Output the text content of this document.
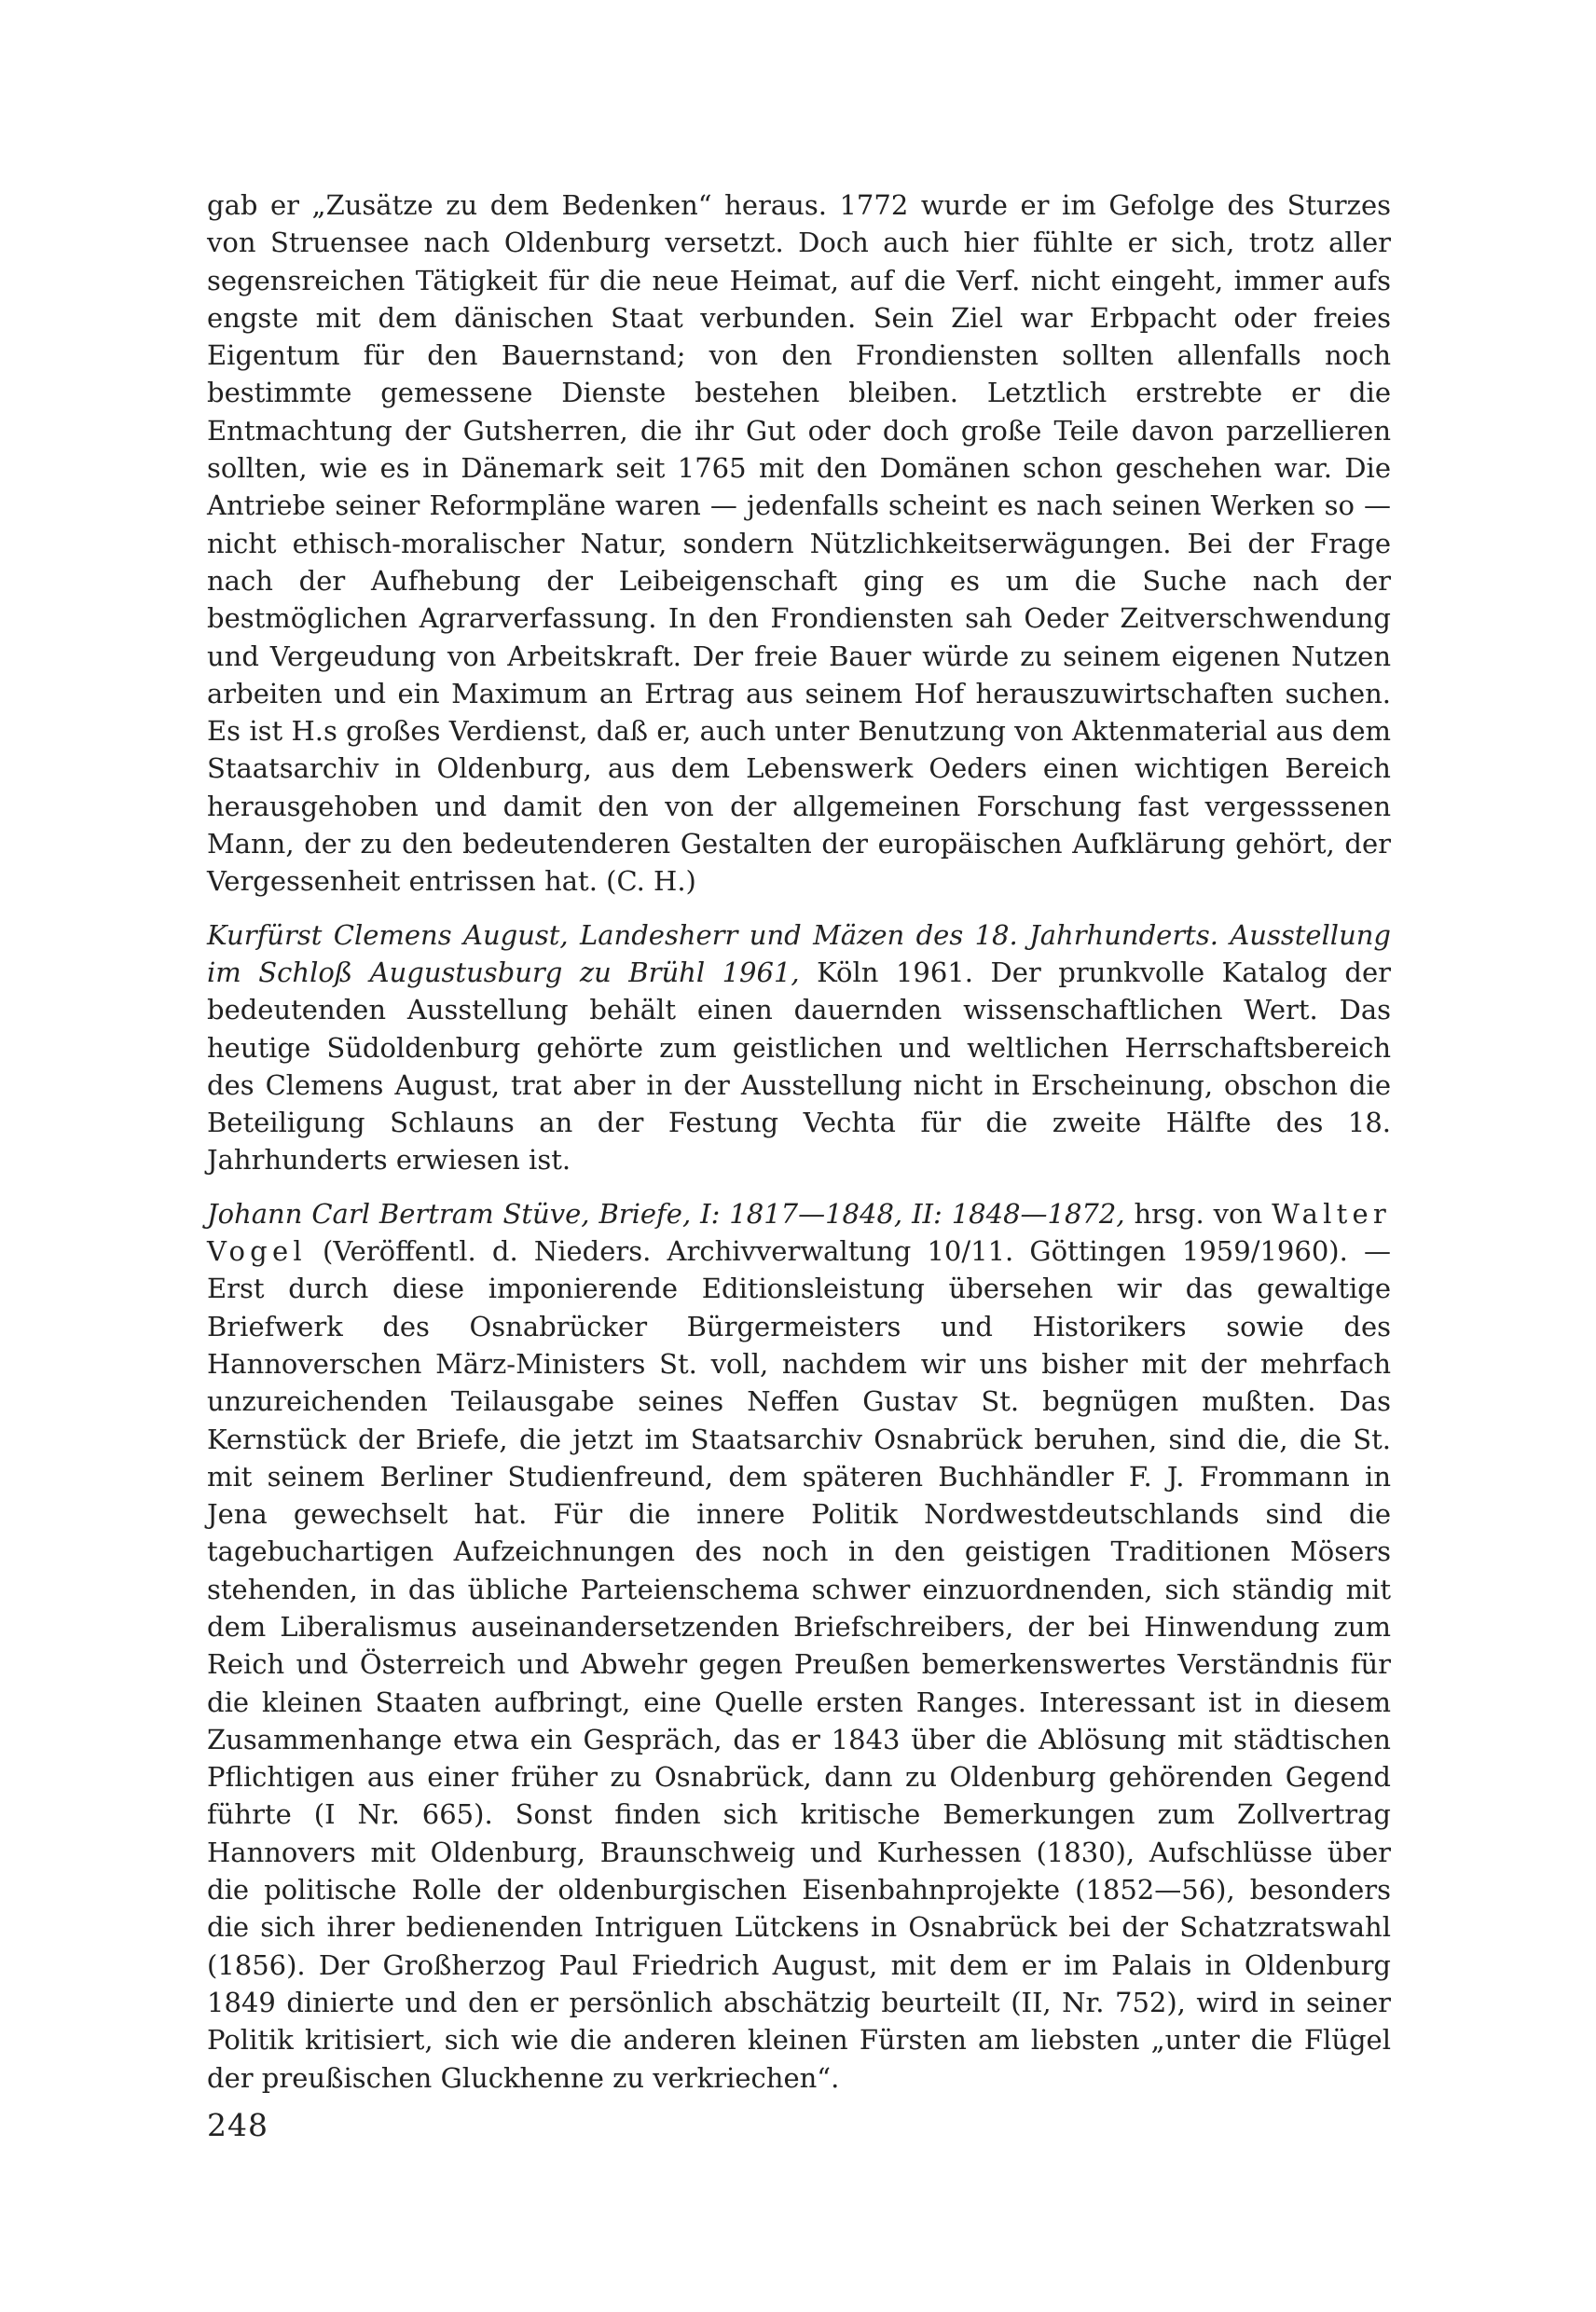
gab er „Zusätze zu dem Bedenken“ heraus. 1772 wurde er im Gefolge des Sturzes von Struensee nach Oldenburg versetzt. Doch auch hier fühlte er sich, trotz aller segensreichen Tätigkeit für die neue Heimat, auf die Verf. nicht eingeht, immer aufs engste mit dem dänischen Staat verbunden. Sein Ziel war Erbpacht oder freies Eigentum für den Bauernstand; von den Frondiensten sollten allenfalls noch bestimmte gemessene Dienste bestehen bleiben. Letztlich erstrebte er die Entmachtung der Gutsherren, die ihr Gut oder doch große Teile davon parzellieren sollten, wie es in Dänemark seit 1765 mit den Domänen schon geschehen war. Die Antriebe seiner Reformpläne waren — jedenfalls scheint es nach seinen Werken so — nicht ethisch-moralischer Natur, sondern Nützlichkeitserwägungen. Bei der Frage nach der Aufhebung der Leibeigenschaft ging es um die Suche nach der bestmöglichen Agrarverfassung. In den Frondiensten sah Oeder Zeitverschwendung und Vergeudung von Arbeitskraft. Der freie Bauer würde zu seinem eigenen Nutzen arbeiten und ein Maximum an Ertrag aus seinem Hof herauszuwirtschaften suchen. Es ist H.s großes Verdienst, daß er, auch unter Benutzung von Aktenmaterial aus dem Staatsarchiv in Oldenburg, aus dem Lebenswerk Oeders einen wichtigen Bereich herausgehoben und damit den von der allgemeinen Forschung fast vergesssenen Mann, der zu den bedeutenderen Gestalten der europäischen Aufklärung gehört, der Vergessenheit entrissen hat. (C. H.)

Kurfürst Clemens August, Landesherr und Mäzen des 18. Jahrhunderts. Ausstellung im Schloß Augustusburg zu Brühl 1961, Köln 1961. Der prunkvolle Katalog der bedeutenden Ausstellung behält einen dauernden wissenschaftlichen Wert. Das heutige Südoldenburg gehörte zum geistlichen und weltlichen Herrschaftsbereich des Clemens August, trat aber in der Ausstellung nicht in Erscheinung, obschon die Beteiligung Schlauns an der Festung Vechta für die zweite Hälfte des 18. Jahrhunderts erwiesen ist.

Johann Carl Bertram Stüve, Briefe, I: 1817—1848, II: 1848—1872, hrsg. von Walter Vogel (Veröffentl. d. Nieders. Archivverwaltung 10/11. Göttingen 1959/1960). — Erst durch diese imponierende Editionsleistung übersehen wir das gewaltige Briefwerk des Osnabrücker Bürgermeisters und Historikers sowie des Hannoverschen März-Ministers St. voll, nachdem wir uns bisher mit der mehrfach unzureichenden Teilausgabe seines Neffen Gustav St. begnügen mußten. Das Kernstück der Briefe, die jetzt im Staatsarchiv Osnabrück beruhen, sind die, die St. mit seinem Berliner Studienfreund, dem späteren Buchhändler F. J. Frommann in Jena gewechselt hat. Für die innere Politik Nordwestdeutschlands sind die tagebuchartigen Aufzeichnungen des noch in den geistigen Traditionen Mösers stehenden, in das übliche Parteienschema schwer einzuordnenden, sich ständig mit dem Liberalismus auseinandersetzenden Briefschreibers, der bei Hinwendung zum Reich und Österreich und Abwehr gegen Preußen bemerkenswertes Verständnis für die kleinen Staaten aufbringt, eine Quelle ersten Ranges. Interessant ist in diesem Zusammenhange etwa ein Gespräch, das er 1843 über die Ablösung mit städtischen Pflichtigen aus einer früher zu Osnabrück, dann zu Oldenburg gehörenden Gegend führte (I Nr. 665). Sonst finden sich kritische Bemerkungen zum Zollvertrag Hannovers mit Oldenburg, Braunschweig und Kurhessen (1830), Aufschlüsse über die politische Rolle der oldenburgischen Eisenbahnprojekte (1852—56), besonders die sich ihrer bedienenden Intriguen Lütckens in Osnabrück bei der Schatzratswahl (1856). Der Großherzog Paul Friedrich August, mit dem er im Palais in Oldenburg 1849 dinierte und den er persönlich abschätzig beurteilt (II, Nr. 752), wird in seiner Politik kritisiert, sich wie die anderen kleinen Fürsten am liebsten „unter die Flügel der preußischen Gluckhenne zu verkriechen“.

248
